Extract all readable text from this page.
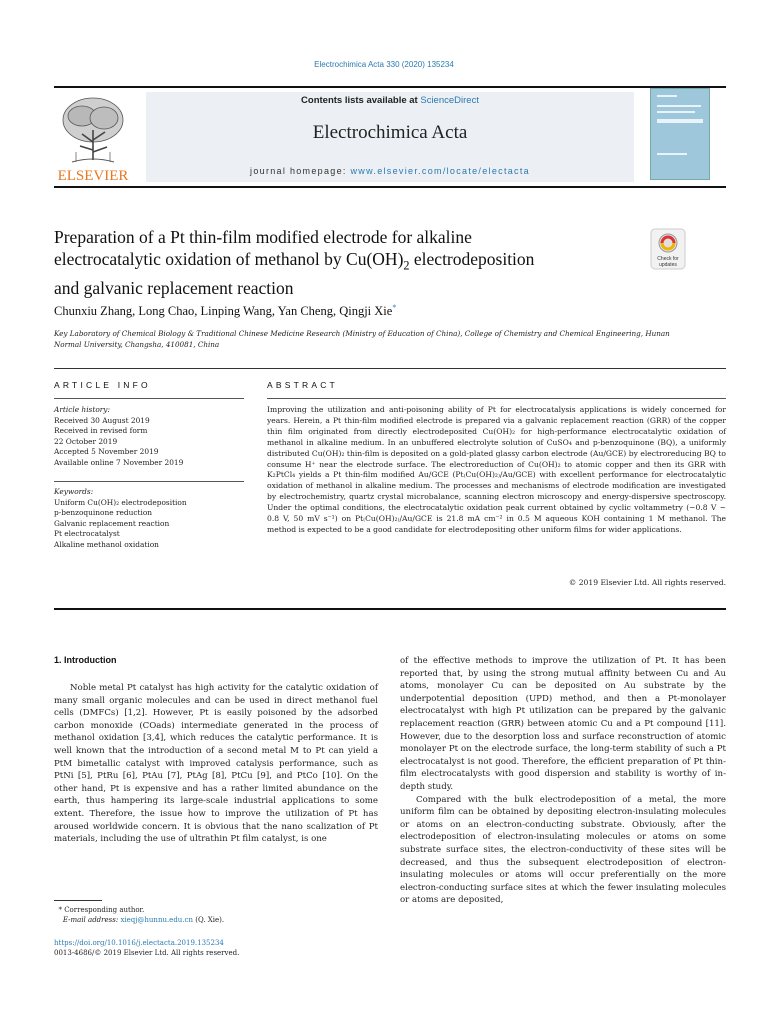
Electrochimica Acta 330 (2020) 135234
ELSEVIER
Contents lists available at ScienceDirect
Electrochimica Acta
journal homepage: www.elsevier.com/locate/electacta
Preparation of a Pt thin-film modified electrode for alkaline
electrocatalytic oxidation of methanol by $Cu(OH)_2$ electrodeposition
and galvanic replacement reaction
Check for
updates
Chunxiu Zhang, Long Chao, Linping Wang, Yan Cheng, Qingji Xie*
Key Laboratory of Chemical Biology & Traditional Chinese Medicine Research (Ministry of Education of China), College of Chemistry and Chemical Engineering, Hunan Normal University, Changsha, 410081, China
ARTICLE INFO
Article history:
Received 30 August 2019
Received in revised form
22 October 2019
Accepted 5 November 2019
Available online 7 November 2019
Keywords:
Uniform Cu(OH)₂ electrodeposition
p-benzoquinone reduction
Galvanic replacement reaction
Pt electrocatalyst
Alkaline methanol oxidation
ABSTRACT
Improving the utilization and anti-poisoning ability of Pt for electrocatalysis applications is widely concerned for years. Herein, a Pt thin-film modified electrode is prepared via a galvanic replacement reaction (GRR) of the copper thin film originated from directly electrodeposited Cu(OH)₂ for high-performance electrocatalytic oxidation of methanol in alkaline medium. In an unbuffered electrolyte solution of CuSO₄ and p-benzoquinone (BQ), a uniformly distributed Cu(OH)₂ thin-film is deposited on a gold-plated glassy carbon electrode (Au/GCE) by electroreducing BQ to consume H⁺ near the electrode surface. The electroreduction of Cu(OH)₂ to atomic copper and then its GRR with K₂PtCl₄ yields a Pt thin-film modified Au/GCE (Pt₍Cu(OH)₂₎/Au/GCE) with excellent performance for electrocatalytic oxidation of methanol in alkaline medium. The processes and mechanisms of electrode modification are investigated by electrochemistry, quartz crystal microbalance, scanning electron microscopy and energy-dispersive spectroscopy. Under the optimal conditions, the electrocatalytic oxidation peak current obtained by cyclic voltammetry (−0.8 V ~ 0.8 V, 50 mV s⁻¹) on Pt₍Cu(OH)₂₎/Au/GCE is 21.8 mA cm⁻² in 0.5 M aqueous KOH containing 1 M methanol. The method is expected to be a good candidate for electrodepositing other uniform films for wider applications.
© 2019 Elsevier Ltd. All rights reserved.
1. Introduction
Noble metal Pt catalyst has high activity for the catalytic oxidation of many small organic molecules and can be used in direct methanol fuel cells (DMFCs) [1,2]. However, Pt is easily poisoned by the adsorbed carbon monoxide (COads) intermediate generated in the process of methanol oxidation [3,4], which reduces the catalytic performance. It is well known that the introduction of a second metal M to Pt can yield a PtM bimetallic catalyst with improved catalysis performance, such as PtNi [5], PtRu [6], PtAu [7], PtAg [8], PtCu [9], and PtCo [10]. On the other hand, Pt is expensive and has a rather limited abundance on the earth, thus hampering its large-scale industrial applications to some extent. Therefore, the issue how to improve the utilization of Pt has aroused worldwide concern. It is obvious that the nano scalization of Pt materials, including the use of ultrathin Pt film catalyst, is one

of the effective methods to improve the utilization of Pt. It has been reported that, by using the strong mutual affinity between Cu and Au atoms, monolayer Cu can be deposited on Au substrate by the underpotential deposition (UPD) method, and then a Pt-monolayer electrocatalyst with high Pt utilization can be prepared by the galvanic replacement reaction (GRR) between atomic Cu and a Pt compound [11]. However, due to the desorption loss and surface reconstruction of atomic monolayer Pt on the electrode surface, the long-term stability of such a Pt electrocatalyst is not good. Therefore, the efficient preparation of Pt thin-film electrocatalysts with good dispersion and stability is worthy of in-depth study.

Compared with the bulk electrodeposition of a metal, the more uniform film can be obtained by depositing electron-insulating molecules or atoms on an electron-conducting substrate. Obviously, after the electrodeposition of electron-insulating molecules or atoms on some substrate surface sites, the electron-conductivity of these sites will be decreased, and thus the subsequent electrodeposition of electron-insulating molecules or atoms will occur preferentially on the more electron-conducting surface sites at which the fewer insulating molecules or atoms are deposited,

* Corresponding author.
E-mail address: xieqj@hunnu.edu.cn (Q. Xie).
https://doi.org/10.1016/j.electacta.2019.135234
0013-4686/© 2019 Elsevier Ltd. All rights reserved.
